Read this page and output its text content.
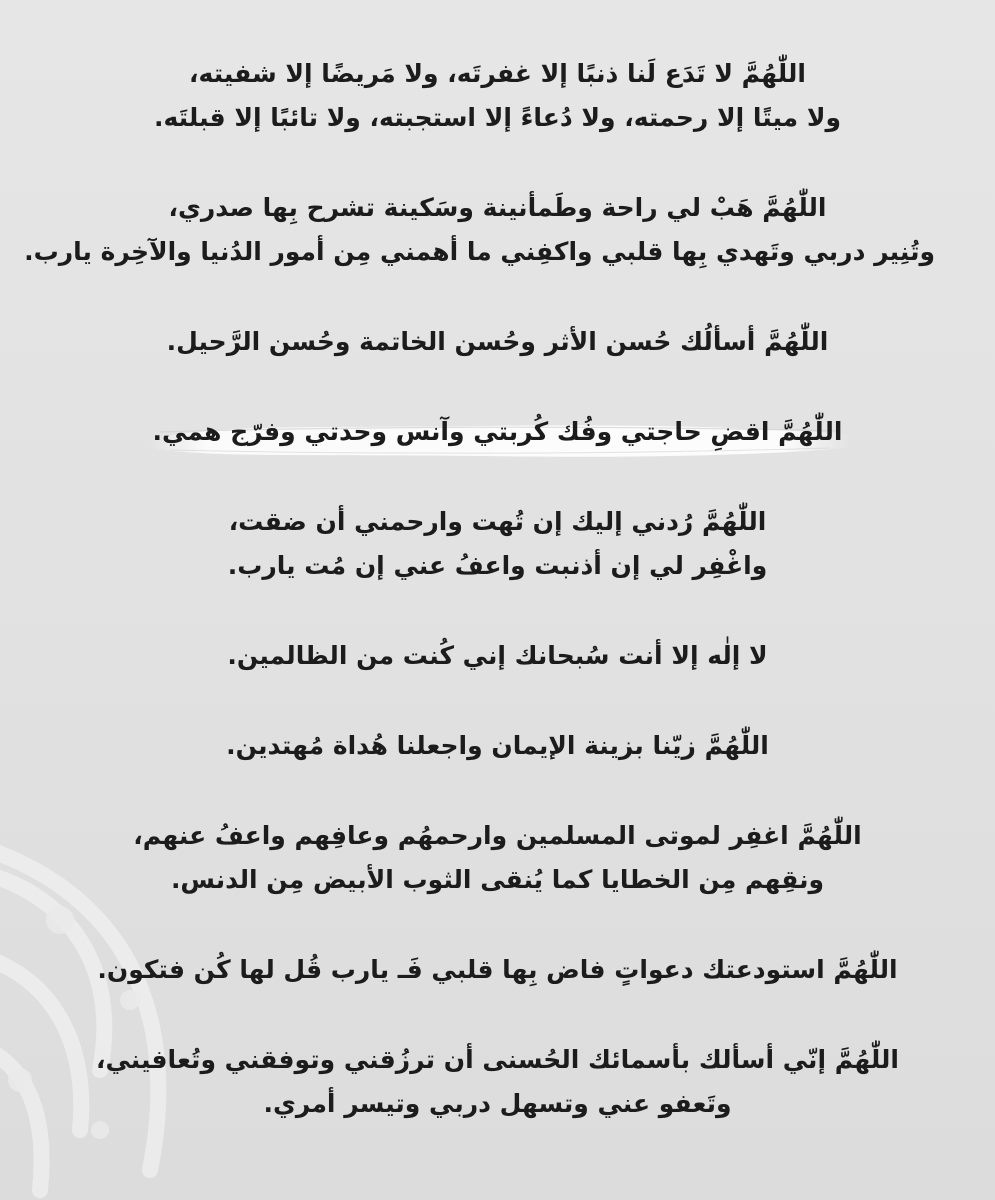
اللّٰهُمَّ لا تَدَع لَنا ذنبًا إلا غفرتَه، ولا مَريضًا إلا شفيته،
ولا ميتًا إلا رحمته، ولا دُعاءً إلا استجبته، ولا تائبًا إلا قبلتَه.
اللّٰهُمَّ هَبْ لي راحة وطَمأنينة وسَكينة تشرح بِها صدري،
وتُنِير دربي وتَهدي بِها قلبي واكفِني ما أهمني مِن أمور الدُنيا والآخِرة يارب.
اللّٰهُمَّ أسألُك حُسن الأثر وحُسن الخاتمة وحُسن الرَّحيل.
اللّٰهُمَّ اقضِ حاجتي وفُك كُربتي وآنس وحدتي وفرّج همي.
اللّٰهُمَّ رُدني إليك إن تُهت وارحمني أن ضقت،
واغْفِر لي إن أذنبت واعفُ عني إن مُت يارب.
لا إلٰه إلا أنت سُبحانك إني كُنت من الظالمين.
اللّٰهُمَّ زيّنا بزينة الإيمان واجعلنا هُداة مُهتدين.
اللّٰهُمَّ اغفِر لموتى المسلمين وارحمهُم وعافِهم واعفُ عنهم،
ونقِهم مِن الخطايا كما يُنقى الثوب الأبيض مِن الدنس.
اللّٰهُمَّ استودعتك دعواتٍ فاض بِها قلبي فَـ يارب قُل لها كُن فتكون.
اللّٰهُمَّ إنّي أسألك بأسمائك الحُسنى أن ترزُقني وتوفقني وتُعافيني،
وتَعفو عني وتسهل دربي وتيسر أمري.
